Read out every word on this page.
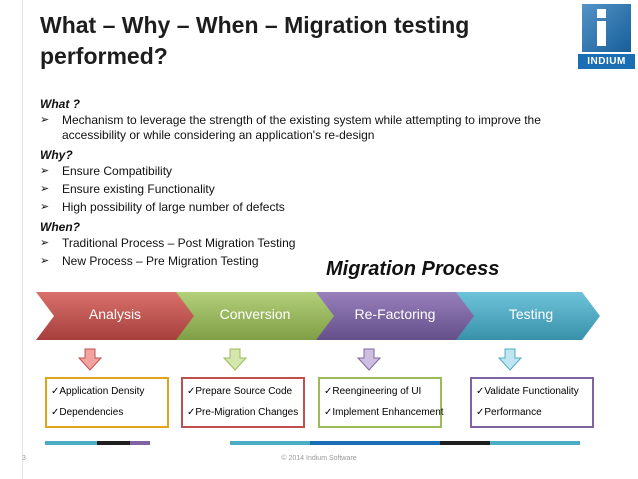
What – Why – When – Migration testing performed?	INDIUM
What ?
➢ Mechanism to leverage the strength of the existing system while attempting to improve the accessibility or while considering an application's re-design
Why?
➢ Ensure Compatibility
➢ Ensure existing Functionality
➢ High possibility of large number of defects
When?
➢ Traditional Process – Post Migration Testing
➢ New Process – Pre Migration Testing	Migration Process
Analysis	Conversion	Re-Factoring	Testing
✓Application Density
✓Dependencies
✓Prepare Source Code
✓Pre-Migration Changes
✓Reengineering of UI
✓Implement Enhancement
✓Validate Functionality
✓Performance
3	© 2014 Indium Software
